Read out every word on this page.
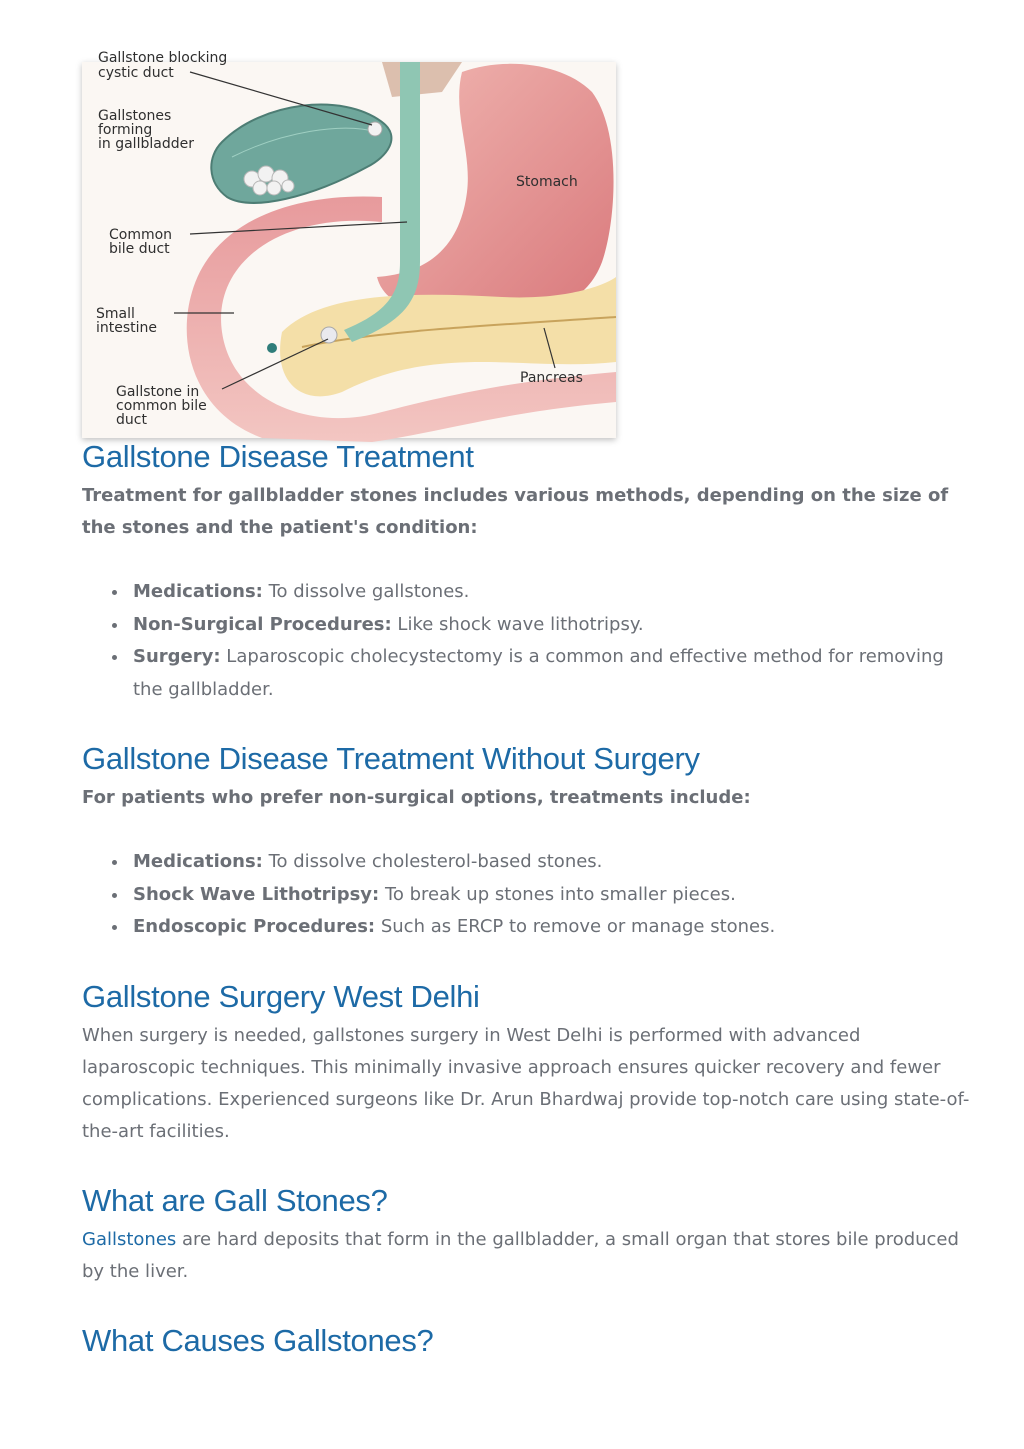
Gallstone blocking
cystic duct
Gallstones
forming
in gallbladder
Stomach
Common
bile duct
Small
intestine
Pancreas
Gallstone in
common bile
duct
Gallstone Disease Treatment

Treatment for gallbladder stones includes various methods, depending on the size of the stones and the patient's condition:

Medications: To dissolve gallstones.
Non-Surgical Procedures: Like shock wave lithotripsy.
Surgery: Laparoscopic cholecystectomy is a common and effective method for removing the gallbladder.
Gallstone Disease Treatment Without Surgery

For patients who prefer non-surgical options, treatments include:

Medications: To dissolve cholesterol-based stones.
Shock Wave Lithotripsy: To break up stones into smaller pieces.
Endoscopic Procedures: Such as ERCP to remove or manage stones.
Gallstone Surgery West Delhi

When surgery is needed, gallstones surgery in West Delhi is performed with advanced laparoscopic techniques. This minimally invasive approach ensures quicker recovery and fewer complications. Experienced surgeons like Dr. Arun Bhardwaj provide top-notch care using state-of-the-art facilities.

What are Gall Stones?

Gallstones are hard deposits that form in the gallbladder, a small organ that stores bile produced by the liver.

What Causes Gallstones?
